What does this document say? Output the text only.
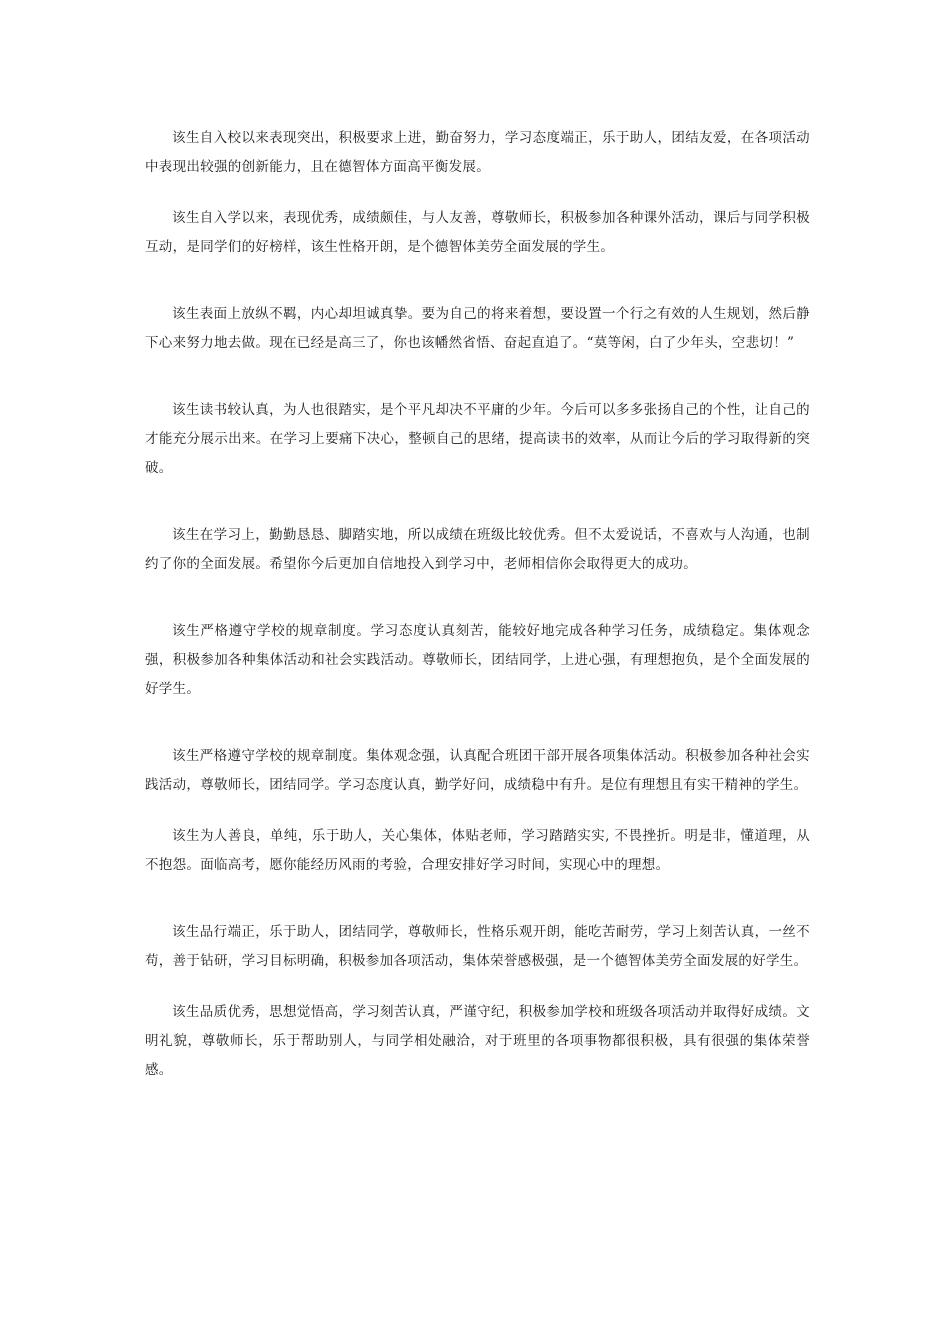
该生自入校以来表现突出，积极要求上进，勤奋努力，学习态度端正，乐于助人，团结友爱，在各项活动中表现出较强的创新能力，且在德智体方面高平衡发展。

该生自入学以来，表现优秀，成绩颇佳，与人友善，尊敬师长，积极参加各种课外活动，课后与同学积极互动，是同学们的好榜样，该生性格开朗，是个德智体美劳全面发展的学生。

该生表面上放纵不羁，内心却坦诚真挚。要为自己的将来着想，要设置一个行之有效的人生规划，然后静下心来努力地去做。现在已经是高三了，你也该幡然省悟、奋起直追了。“莫等闲，白了少年头，空悲切！”

该生读书较认真，为人也很踏实，是个平凡却决不平庸的少年。今后可以多多张扬自己的个性，让自己的才能充分展示出来。在学习上要痛下决心，整顿自己的思绪，提高读书的效率，从而让今后的学习取得新的突破。

该生在学习上，勤勤恳恳、脚踏实地，所以成绩在班级比较优秀。但不太爱说话，不喜欢与人沟通，也制约了你的全面发展。希望你今后更加自信地投入到学习中，老师相信你会取得更大的成功。

该生严格遵守学校的规章制度。学习态度认真刻苦，能较好地完成各种学习任务，成绩稳定。集体观念强，积极参加各种集体活动和社会实践活动。尊敬师长，团结同学，上进心强，有理想抱负，是个全面发展的好学生。

该生严格遵守学校的规章制度。集体观念强，认真配合班团干部开展各项集体活动。积极参加各种社会实践活动，尊敬师长，团结同学。学习态度认真，勤学好问，成绩稳中有升。是位有理想且有实干精神的学生。

该生为人善良，单纯，乐于助人，关心集体，体贴老师，学习踏踏实实, 不畏挫折。明是非，懂道理，从不抱怨。面临高考，愿你能经历风雨的考验，合理安排好学习时间，实现心中的理想。

该生品行端正，乐于助人，团结同学，尊敬师长，性格乐观开朗，能吃苦耐劳，学习上刻苦认真，一丝不苟，善于钻研，学习目标明确，积极参加各项活动，集体荣誉感极强，是一个德智体美劳全面发展的好学生。

该生品质优秀，思想觉悟高，学习刻苦认真，严谨守纪，积极参加学校和班级各项活动并取得好成绩。文明礼貌，尊敬师长，乐于帮助别人，与同学相处融洽，对于班里的各项事物都很积极，具有很强的集体荣誉感。
